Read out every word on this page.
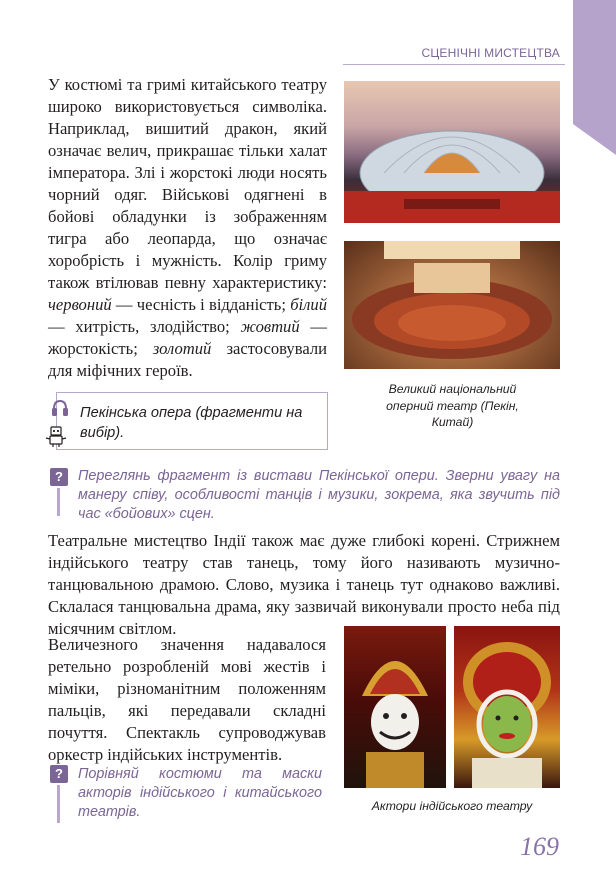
СЦЕНІЧНІ МИСТЕЦТВА

У костюмі та гримі китайського театру широко використовується символіка. Наприклад, вишитий дракон, який означає велич, прикрашає тільки халат імператора. Злі і жорстокі люди носять чорний одяг. Військові одягнені в бойові обладунки із зображенням тигра або леопарда, що означає хоробрість і мужність. Колір гриму також втілював певну характеристику: червоний — чесність і відданість; білий — хитрість, злодійство; жовтий — жорстокість; золотий застосовували для міфічних героїв.

Великий національний оперний театр (Пекін, Китай)

Пекінська опера (фрагменти на вибір).

?	Переглянь фрагмент із вистави Пекінської опери. Зверни увагу на манеру співу, особливості танців і музики, зокрема, яка звучить під час «бойових» сцен.

Театральне мистецтво Індії також має дуже глибокі корені. Стрижнем індійського театру став танець, тому його називають музично-танцювальною драмою. Слово, музика і танець тут однаково важливі. Склалася танцювальна драма, яку зазвичай виконували просто неба під місячним світлом.

Величезного значення надавалося ретельно розробленій мові жестів і міміки, різноманітним положенням пальців, які передавали складні почуття. Спектакль супроводжував оркестр індійських інструментів.

Актори індійського театру

?	Порівняй костюми та маски акторів індійського і китайського театрів.

169
